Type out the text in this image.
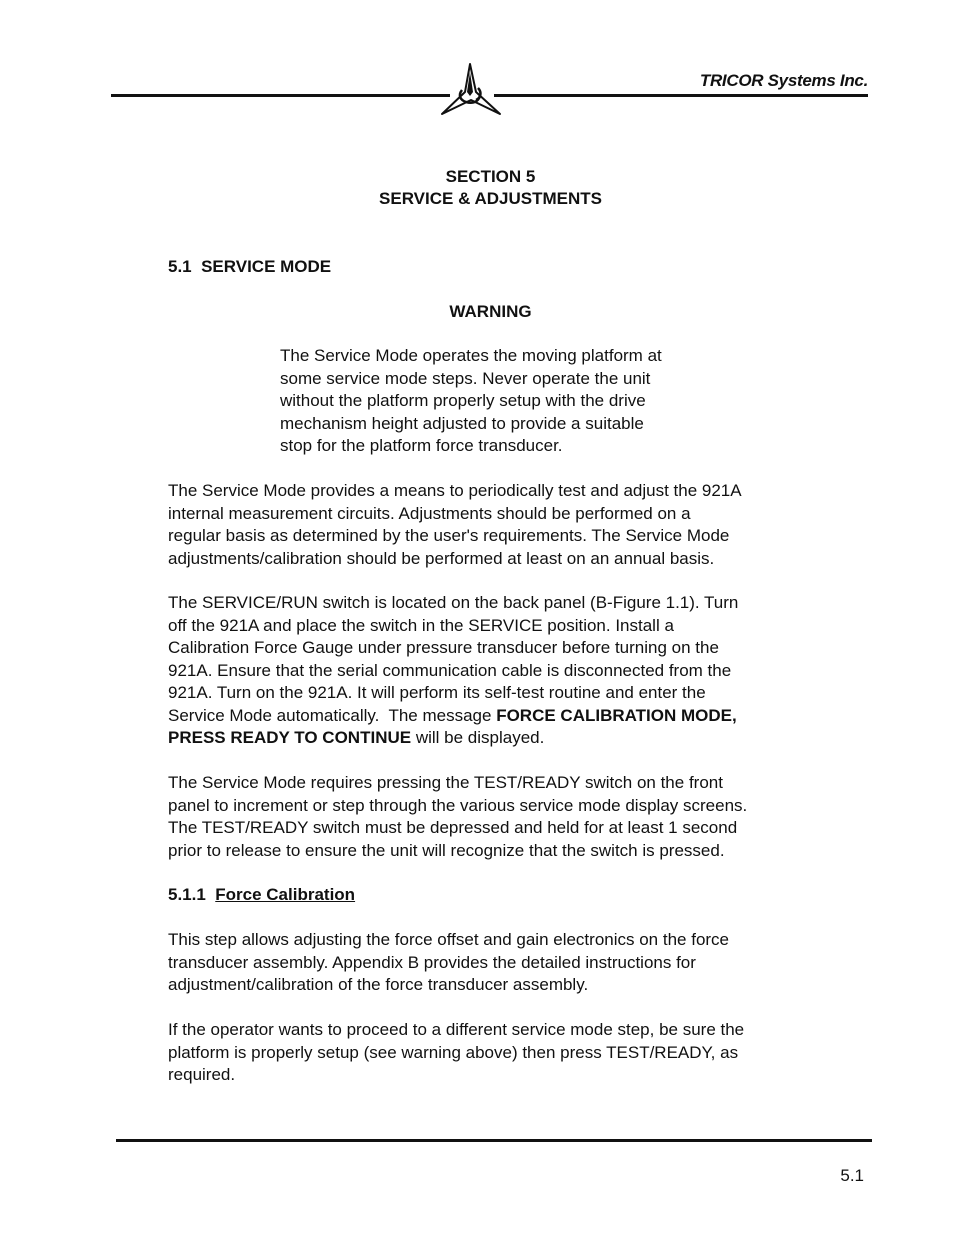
TRICOR Systems Inc.
SECTION 5
SERVICE & ADJUSTMENTS
5.1  SERVICE MODE
WARNING
The Service Mode operates the moving platform at
some service mode steps. Never operate the unit
without the platform properly setup with the drive
mechanism height adjusted to provide a suitable
stop for the platform force transducer.
The Service Mode provides a means to periodically test and adjust the 921A
internal measurement circuits. Adjustments should be performed on a
regular basis as determined by the user's requirements. The Service Mode
adjustments/calibration should be performed at least on an annual basis.
The SERVICE/RUN switch is located on the back panel (B-Figure 1.1). Turn
off the 921A and place the switch in the SERVICE position. Install a
Calibration Force Gauge under pressure transducer before turning on the
921A. Ensure that the serial communication cable is disconnected from the
921A. Turn on the 921A. It will perform its self-test routine and enter the
Service Mode automatically.  The message FORCE CALIBRATION MODE,
PRESS READY TO CONTINUE will be displayed.
The Service Mode requires pressing the TEST/READY switch on the front
panel to increment or step through the various service mode display screens.
The TEST/READY switch must be depressed and held for at least 1 second
prior to release to ensure the unit will recognize that the switch is pressed.
5.1.1  Force Calibration
This step allows adjusting the force offset and gain electronics on the force
transducer assembly. Appendix B provides the detailed instructions for
adjustment/calibration of the force transducer assembly.
If the operator wants to proceed to a different service mode step, be sure the
platform is properly setup (see warning above) then press TEST/READY, as
required.
5.1
